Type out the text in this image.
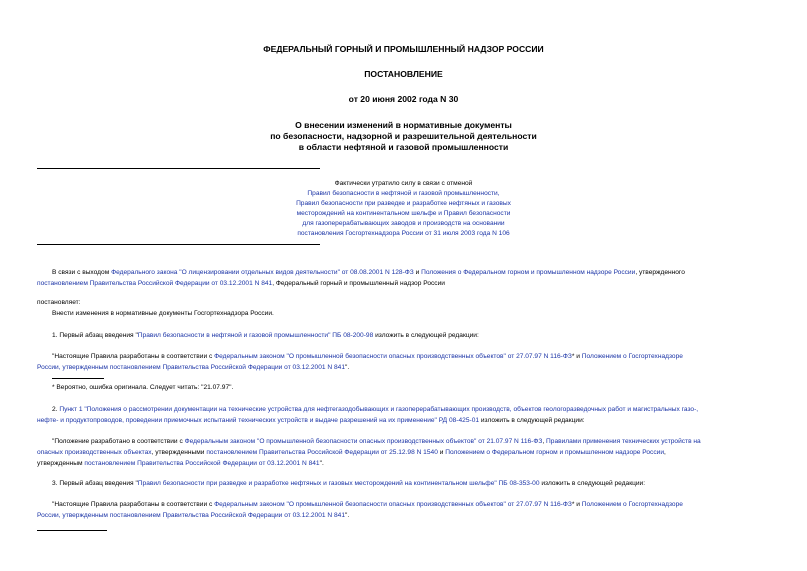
ФЕДЕРАЛЬНЫЙ ГОРНЫЙ И ПРОМЫШЛЕННЫЙ НАДЗОР РОССИИ
ПОСТАНОВЛЕНИЕ
от 20 июня 2002 года N 30
О внесении изменений в нормативные документы
по безопасности, надзорной и разрешительной деятельности
в области нефтяной и газовой промышленности
Фактически утратило силу в связи с отменой
Правил безопасности в нефтяной и газовой промышленности,
Правил безопасности при разведке и разработке нефтяных и газовых
месторождений на континентальном шельфе и Правил безопасности
для газоперерабатывающих заводов и производств на основании
постановления Госгортехнадзора России от 31 июля 2003 года N 106
В связи с выходом Федерального закона "О лицензировании отдельных видов деятельности" от 08.08.2001 N 128-ФЗ и Положения о Федеральном горном и промышленном надзоре России, утвержденного
постановлением Правительства Российской Федерации от 03.12.2001 N 841, Федеральный горный и промышленный надзор России
постановляет:
Внести изменения в нормативные документы Госгортехнадзора России.
1. Первый абзац введения "Правил безопасности в нефтяной и газовой промышленности" ПБ 08-200-98 изложить в следующей редакции:
"Настоящие Правила разработаны в соответствии с Федеральным законом "О промышленной безопасности опасных производственных объектов" от 27.07.97 N 116-ФЗ* и Положением о Госгортехнадзоре
России, утвержденным постановлением Правительства Российской Федерации от 03.12.2001 N 841".
* Вероятно, ошибка оригинала. Следует читать: "21.07.97".
2. Пункт 1 "Положения о рассмотрении документации на технические устройства для нефтегазодобывающих и газоперерабатывающих производств, объектов геологоразведочных работ и магистральных газо-,
нефте- и продуктопроводов, проведении приемочных испытаний технических устройств и выдаче разрешений на их применение" РД 08-425-01 изложить в следующей редакции:
"Положение разработано в соответствии с Федеральным законом "О промышленной безопасности опасных производственных объектов" от 21.07.97 N 116-ФЗ, Правилами применения технических устройств на
опасных производственных объектах, утвержденными постановлением Правительства Российской Федерации от 25.12.98 N 1540 и Положением о Федеральном горном и промышленном надзоре России,
утвержденным постановлением Правительства Российской Федерации от 03.12.2001 N 841".
3. Первый абзац введения "Правил безопасности при разведке и разработке нефтяных и газовых месторождений на континентальном шельфе" ПБ 08-353-00 изложить в следующей редакции:
"Настоящие Правила разработаны в соответствии с Федеральным законом "О промышленной безопасности опасных производственных объектов" от 27.07.97 N 116-ФЗ* и Положением о Госгортехнадзоре
России, утвержденным постановлением Правительства Российской Федерации от 03.12.2001 N 841".
